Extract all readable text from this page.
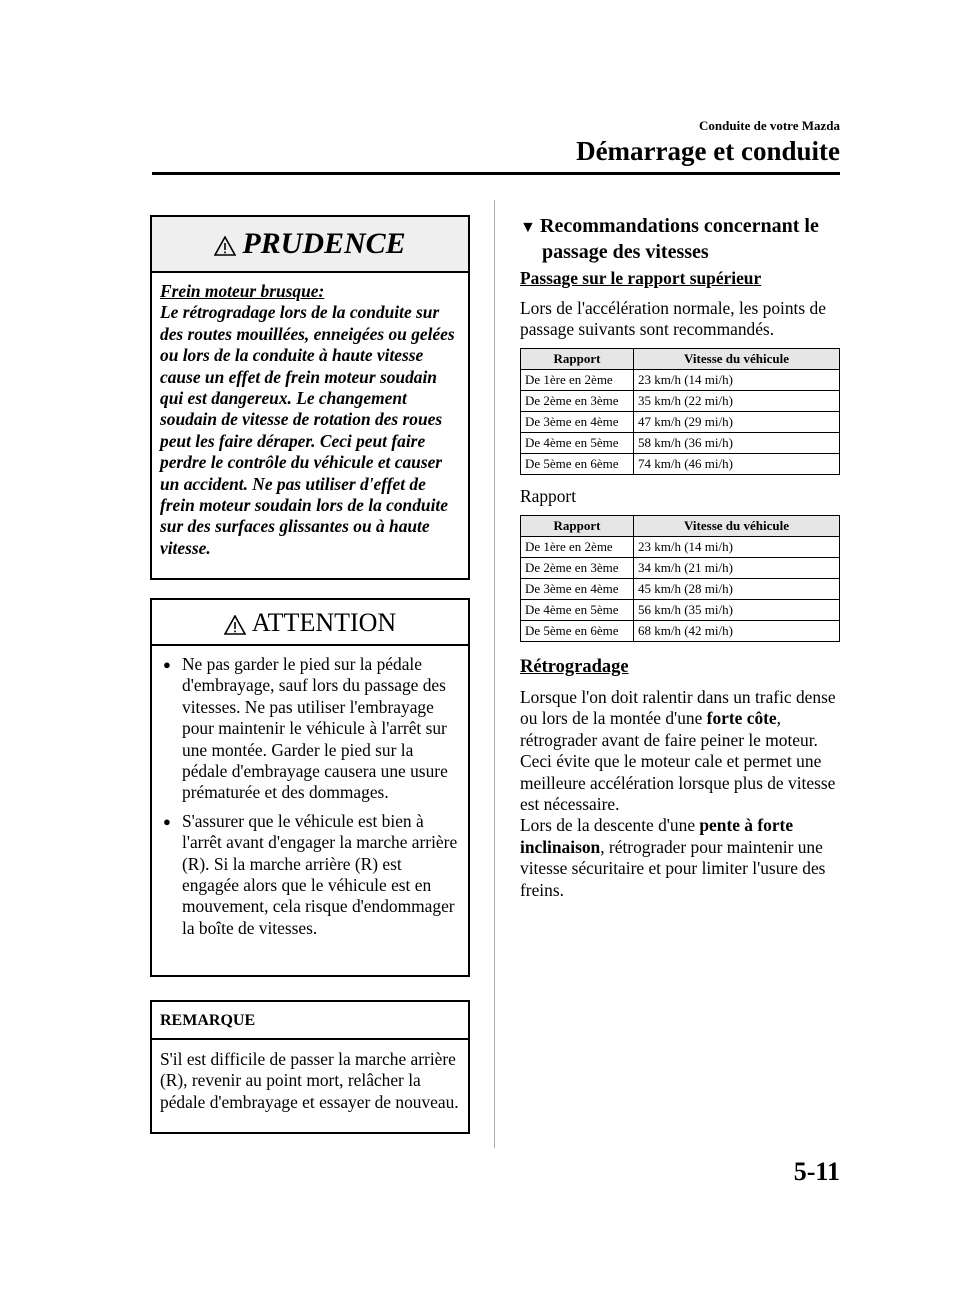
Conduite de votre Mazda
Démarrage et conduite
PRUDENCE
Frein moteur brusque:
Le rétrogradage lors de la conduite sur des routes mouillées, enneigées ou gelées ou lors de la conduite à haute vitesse cause un effet de frein moteur soudain qui est dangereux. Le changement soudain de vitesse de rotation des roues peut les faire déraper. Ceci peut faire perdre le contrôle du véhicule et causer un accident. Ne pas utiliser d'effet de frein moteur soudain lors de la conduite sur des surfaces glissantes ou à haute vitesse.
ATTENTION
● Ne pas garder le pied sur la pédale d'embrayage, sauf lors du passage des vitesses. Ne pas utiliser l'embrayage pour maintenir le véhicule à l'arrêt sur une montée. Garder le pied sur la pédale d'embrayage causera une usure prématurée et des dommages.
● S'assurer que le véhicule est bien à l'arrêt avant d'engager la marche arrière (R). Si la marche arrière (R) est engagée alors que le véhicule est en mouvement, cela risque d'endommager la boîte de vitesses.
REMARQUE
S'il est difficile de passer la marche arrière (R), revenir au point mort, relâcher la pédale d'embrayage et essayer de nouveau.
▼ Recommandations concernant le
passage des vitesses
Passage sur le rapport supérieur
Lors de l'accélération normale, les points de passage suivants sont recommandés.
Rapport	Vitesse du véhicule
De 1ère en 2ème	23 km/h (14 mi/h)
De 2ème en 3ème	35 km/h (22 mi/h)
De 3ème en 4ème	47 km/h (29 mi/h)
De 4ème en 5ème	58 km/h (36 mi/h)
De 5ème en 6ème	74 km/h (46 mi/h)
Rapport
Rapport	Vitesse du véhicule
De 1ère en 2ème	23 km/h (14 mi/h)
De 2ème en 3ème	34 km/h (21 mi/h)
De 3ème en 4ème	45 km/h (28 mi/h)
De 4ème en 5ème	56 km/h (35 mi/h)
De 5ème en 6ème	68 km/h (42 mi/h)
Rétrogradage
Lorsque l'on doit ralentir dans un trafic dense ou lors de la montée d'une forte côte, rétrograder avant de faire peiner le moteur. Ceci évite que le moteur cale et permet une meilleure accélération lorsque plus de vitesse est nécessaire.
Lors de la descente d'une pente à forte inclinaison, rétrograder pour maintenir une vitesse sécuritaire et pour limiter l'usure des freins.
5-11
